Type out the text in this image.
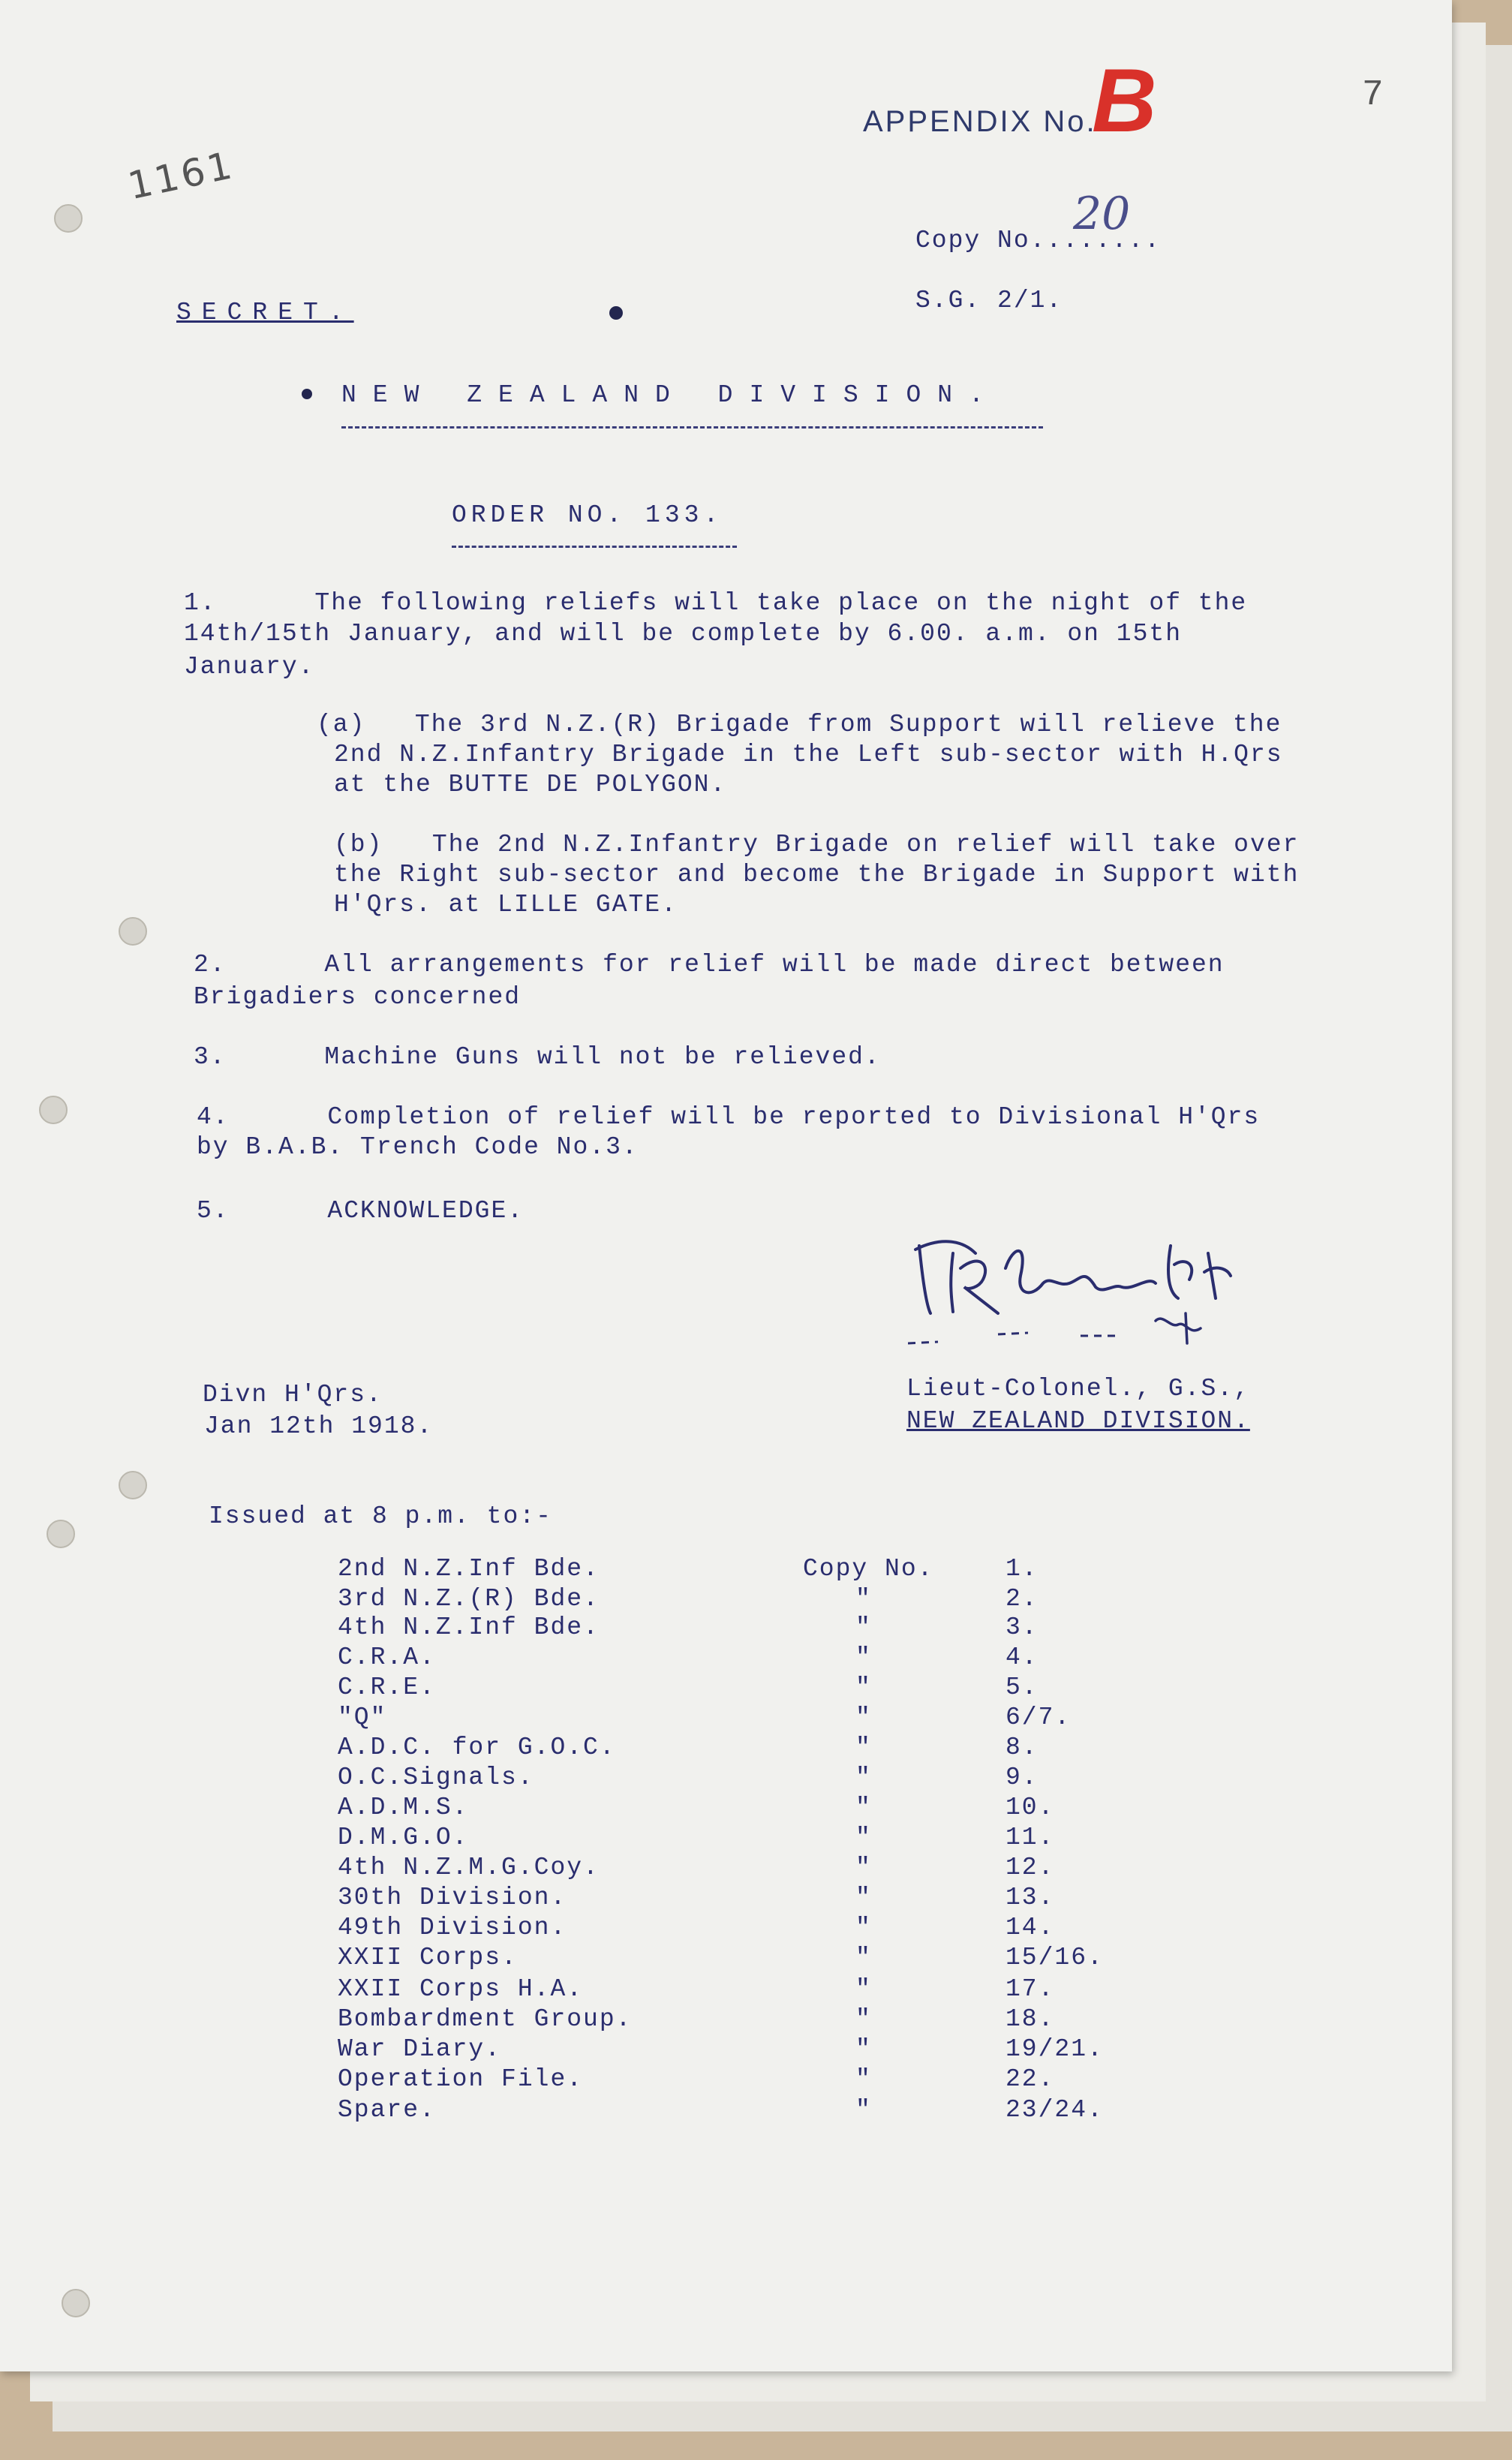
1161
APPENDIX No.
B	7
Copy No........
20
S.G. 2/1.
SECRET.
NEW ZEALAND DIVISION.
ORDER NO. 133.
1.      The following reliefs will take place on the night of the
14th/15th January, and will be complete by 6.00. a.m. on 15th
January.
(a)   The 3rd N.Z.(R) Brigade from Support will relieve the
2nd N.Z.Infantry Brigade in the Left sub-sector with H.Qrs
at the BUTTE DE POLYGON.
(b)   The 2nd N.Z.Infantry Brigade on relief will take over
the Right sub-sector and become the Brigade in Support with
H'Qrs. at LILLE GATE.
2.      All arrangements for relief will be made direct between
Brigadiers concerned
3.      Machine Guns will not be relieved.
4.      Completion of relief will be reported to Divisional H'Qrs
by B.A.B. Trench Code No.3.
5.      ACKNOWLEDGE.
Divn H'Qrs.
Jan 12th 1918.
Lieut-Colonel., G.S.,
NEW ZEALAND DIVISION.
Issued at 8 p.m. to:-
2nd N.Z.Inf Bde.	Copy No.	1.
3rd N.Z.(R) Bde.	"	2.
4th N.Z.Inf Bde.	"	3.
C.R.A.	"	4.
C.R.E.	"	5.
"Q"	"	6/7.
A.D.C. for G.O.C.	"	8.
O.C.Signals.	"	9.
A.D.M.S.	"	10.
D.M.G.O.	"	11.
4th N.Z.M.G.Coy.	"	12.
30th Division.	"	13.
49th Division.	"	14.
XXII Corps.	"	15/16.
XXII Corps H.A.	"	17.
Bombardment Group.	"	18.
War Diary.	"	19/21.
Operation File.	"	22.
Spare.	"	23/24.
